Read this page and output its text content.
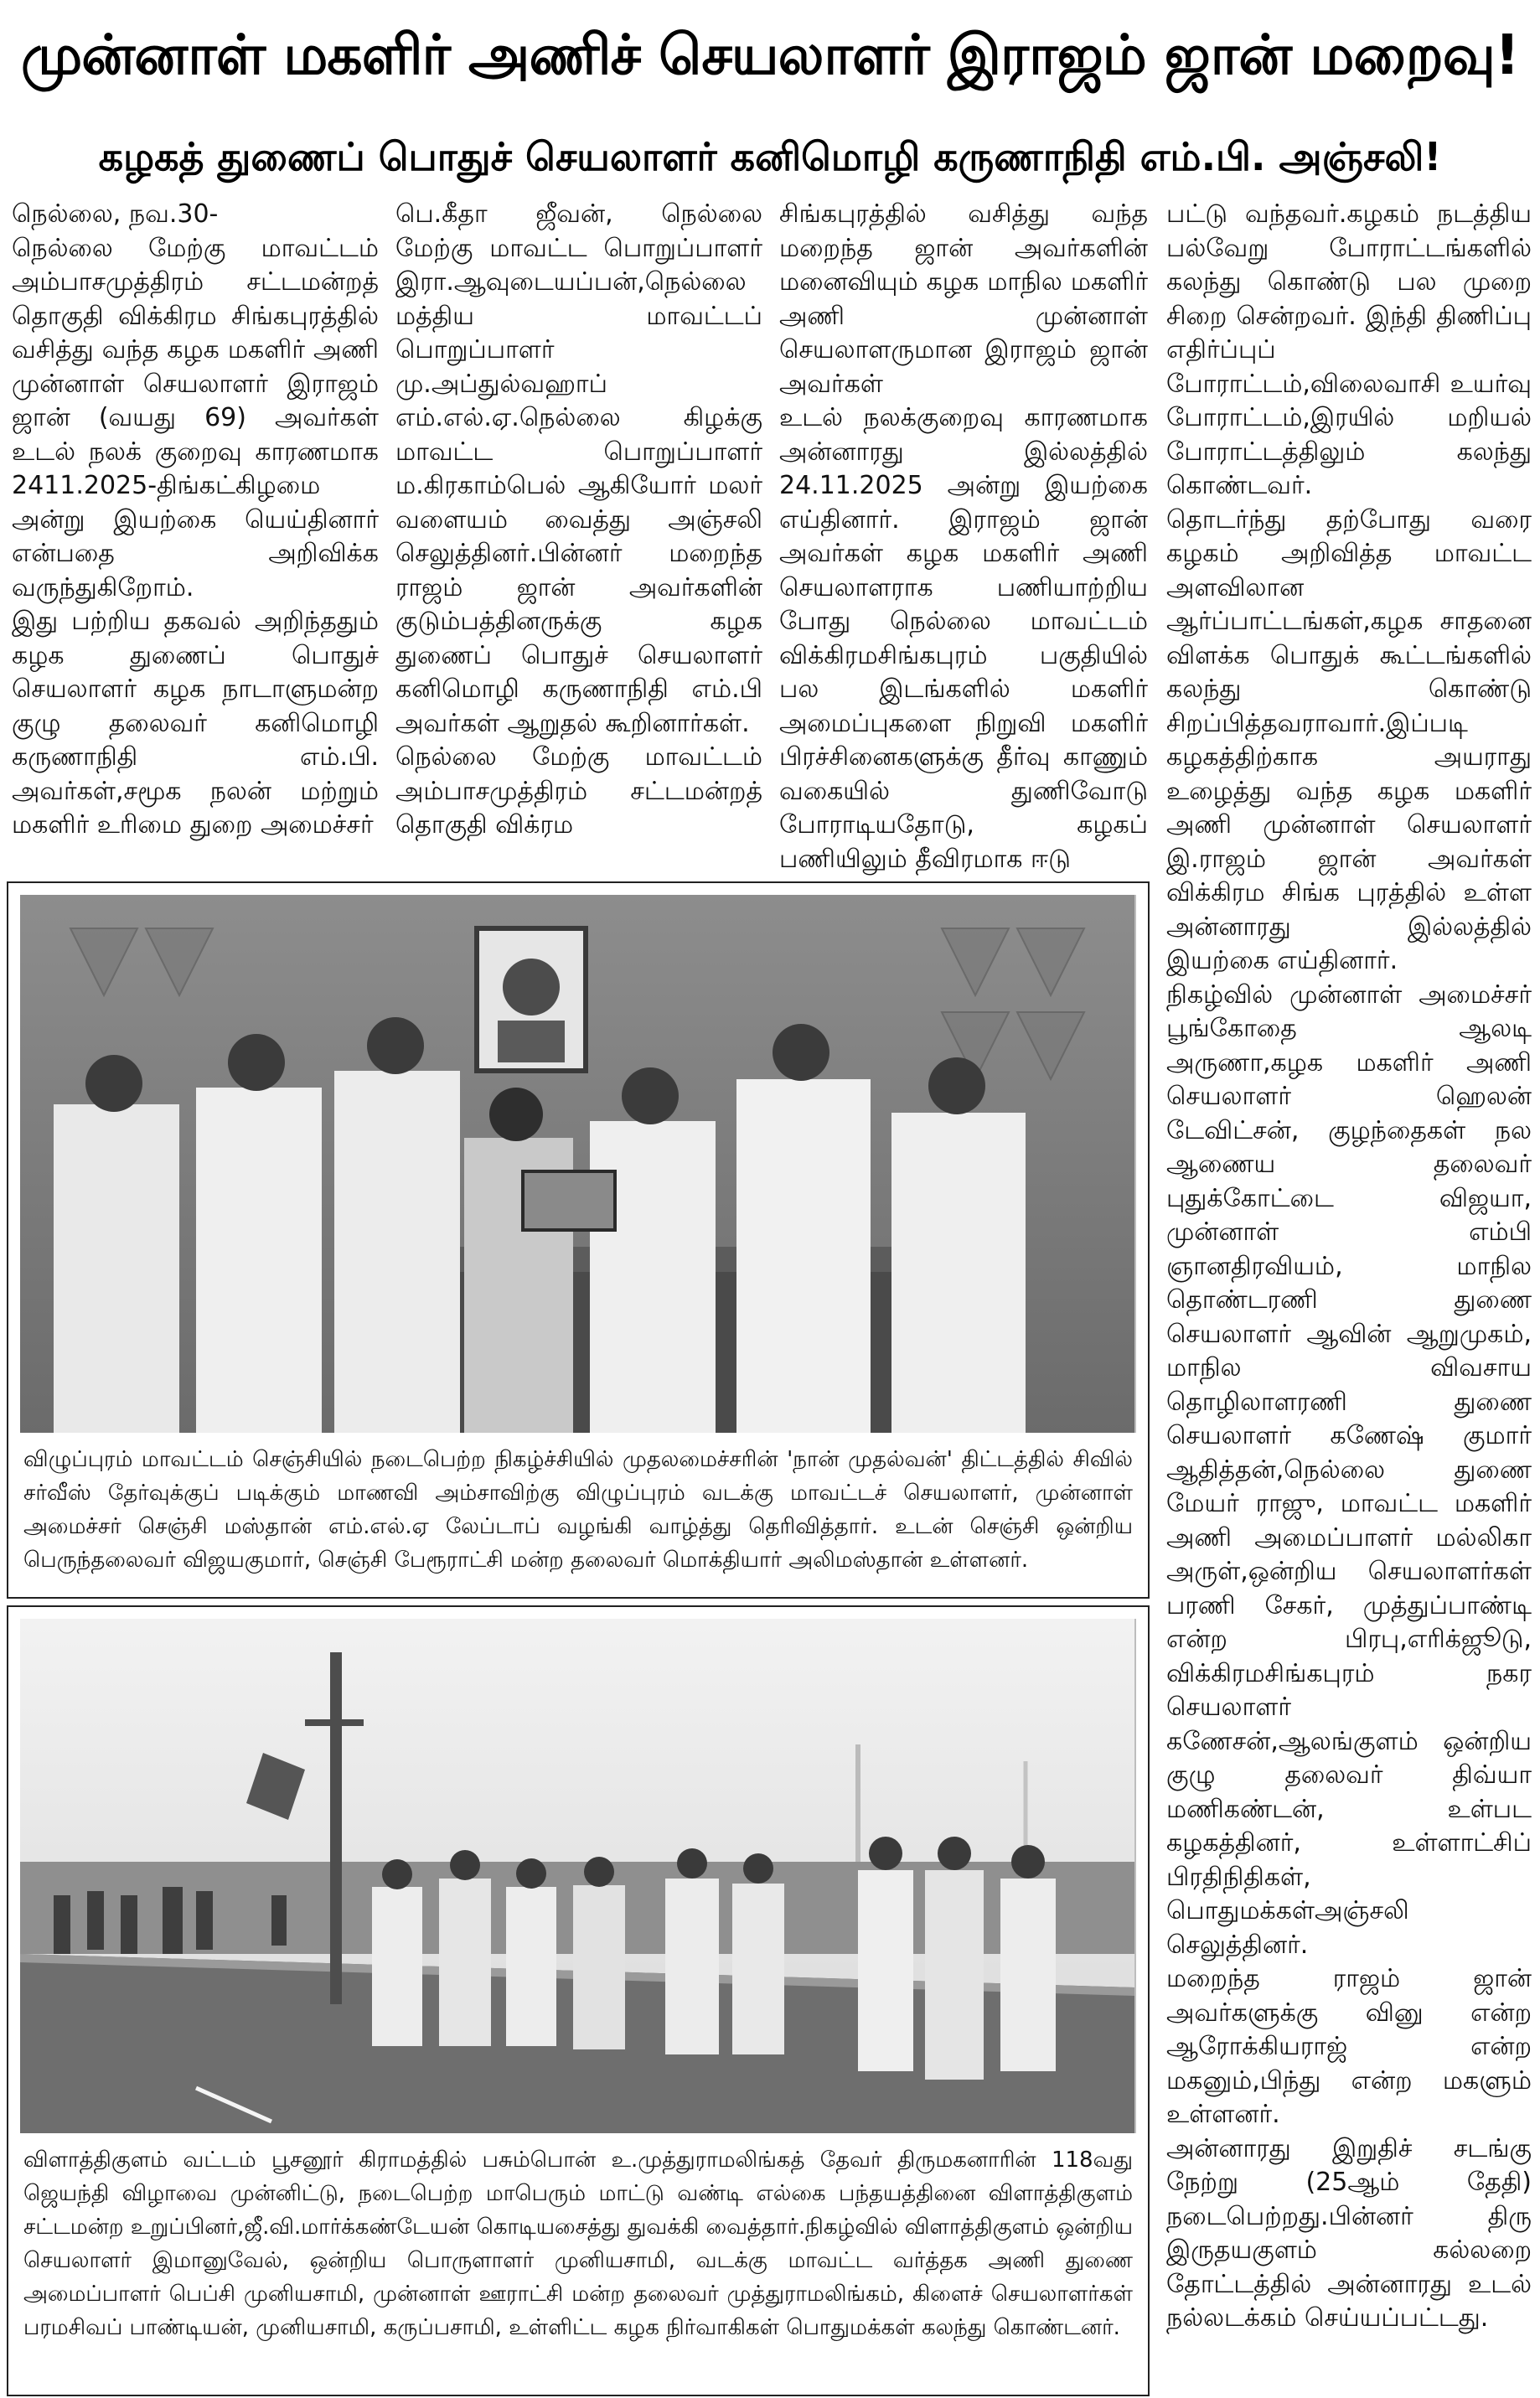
முன்னாள் மகளிர் அணிச் செயலாளர் இராஜம் ஜான் மறைவு!
கழகத் துணைப் பொதுச் செயலாளர் கனிமொழி கருணாநிதி எம்.பி. அஞ்சலி!
நெல்லை, நவ.30-
நெல்லை மேற்கு மாவட்டம் அம்பாசமுத்திரம் சட்டமன்றத் தொகுதி விக்கிரம சிங்கபுரத்தில் வசித்து வந்த கழக மகளிர் அணி முன்னாள் செயலாளர் இராஜம் ஜான் (வயது 69) அவர்கள் உடல் நலக் குறைவு காரணமாக 2411.2025-திங்கட்கிழமை அன்று இயற்கை யெய்தினார் என்பதை அறிவிக்க வருந்துகிறோம்.
இது பற்றிய தகவல் அறிந்ததும் கழக துணைப் பொதுச் செயலாளர் கழக நாடாளுமன்ற குழு தலைவர் கனிமொழி கருணாநிதி எம்.பி. அவர்கள்,சமூக நலன் மற்றும் மகளிர் உரிமை துறை அமைச்சர்
பெ.கீதா ஜீவன், நெல்லை மேற்கு மாவட்ட பொறுப்பாளர் இரா.ஆவுடையப்பன்,நெல்லை மத்திய மாவட்டப் பொறுப்பாளர் மு.அப்துல்வஹாப் எம்.எல்.ஏ.நெல்லை கிழக்கு மாவட்ட பொறுப்பாளர் ம.கிரகாம்பெல் ஆகியோர் மலர் வளையம் வைத்து அஞ்சலி செலுத்தினர்.பின்னர் மறைந்த ராஜம் ஜான் அவர்களின் குடும்பத்தினருக்கு கழக துணைப் பொதுச் செயலாளர் கனிமொழி கருணாநிதி எம்.பி அவர்கள் ஆறுதல் கூறினார்கள்.
நெல்லை மேற்கு மாவட்டம் அம்பாசமுத்திரம் சட்டமன்றத் தொகுதி விக்ரம
சிங்கபுரத்தில் வசித்து வந்த மறைந்த ஜான் அவர்களின் மனைவியும் கழக மாநில மகளிர் அணி முன்னாள் செயலாளருமான இராஜம் ஜான் அவர்கள்
உடல் நலக்குறைவு காரணமாக அன்னாரது இல்லத்தில் 24.11.2025 அன்று இயற்கை எய்தினார். இராஜம் ஜான் அவர்கள் கழக மகளிர் அணி செயலாளராக பணியாற்றிய போது நெல்லை மாவட்டம் விக்கிரமசிங்கபுரம் பகுதியில் பல இடங்களில் மகளிர் அமைப்புகளை நிறுவி மகளிர் பிரச்சினைகளுக்கு தீர்வு காணும் வகையில் துணிவோடு போராடியதோடு, கழகப் பணியிலும் தீவிரமாக ஈடு
பட்டு வந்தவர்.கழகம் நடத்திய பல்வேறு போராட்டங்களில் கலந்து கொண்டு பல முறை சிறை சென்றவர். இந்தி திணிப்பு எதிர்ப்புப் போராட்டம்,விலைவாசி உயர்வு போராட்டம்,இரயில் மறியல் போராட்டத்திலும் கலந்து கொண்டவர்.
தொடர்ந்து தற்போது வரை கழகம் அறிவித்த மாவட்ட அளவிலான ஆர்ப்பாட்டங்கள்,கழக சாதனை விளக்க பொதுக் கூட்டங்களில் கலந்து கொண்டு சிறப்பித்தவராவார்.இப்படி கழகத்திற்காக அயராது உழைத்து வந்த கழக மகளிர் அணி முன்னாள் செயலாளர் இ.ராஜம் ஜான் அவர்கள் விக்கிரம சிங்க புரத்தில் உள்ள அன்னாரது இல்லத்தில் இயற்கை எய்தினார்.
நிகழ்வில் முன்னாள் அமைச்சர் பூங்கோதை ஆலடி அருணா,கழக மகளிர் அணி செயலாளர் ஹெலன் டேவிட்சன், குழந்தைகள் நல ஆணைய தலைவர் புதுக்கோட்டை விஜயா, முன்னாள் எம்பி ஞானதிரவியம், மாநில தொண்டரணி துணை செயலாளர் ஆவின் ஆறுமுகம், மாநில விவசாய தொழிலாளரணி துணை செயலாளர் கணேஷ் குமார் ஆதித்தன்,நெல்லை துணை மேயர் ராஜு, மாவட்ட மகளிர் அணி அமைப்பாளர் மல்லிகா அருள்,ஒன்றிய செயலாளர்கள் பரணி சேகர், முத்துப்பாண்டி என்ற பிரபு,எரிக்ஜூடு, விக்கிரமசிங்கபுரம் நகர செயலாளர் கணேசன்,ஆலங்குளம் ஒன்றிய குழு தலைவர் திவ்யா மணிகண்டன், உள்பட கழகத்தினர், உள்ளாட்சிப் பிரதிநிதிகள், பொதுமக்கள்அஞ்சலி செலுத்தினர்.
மறைந்த ராஜம் ஜான் அவர்களுக்கு வினு என்ற ஆரோக்கியராஜ் என்ற மகனும்,பிந்து என்ற மகளும் உள்ளனர்.
அன்னாரது இறுதிச் சடங்கு நேற்று (25ஆம் தேதி) நடைபெற்றது.பின்னர் திரு இருதயகுளம் கல்லறை தோட்டத்தில் அன்னாரது உடல் நல்லடக்கம் செய்யப்பட்டது.
விழுப்புரம் மாவட்டம் செஞ்சியில் நடைபெற்ற நிகழ்ச்சியில் முதலமைச்சரின் 'நான் முதல்வன்' திட்டத்தில் சிவில் சர்வீஸ் தேர்வுக்குப் படிக்கும் மாணவி அம்சாவிற்கு விழுப்புரம் வடக்கு மாவட்டச் செயலாளர், முன்னாள் அமைச்சர் செஞ்சி மஸ்தான் எம்.எல்.ஏ லேப்டாப் வழங்கி வாழ்த்து தெரிவித்தார். உடன் செஞ்சி ஒன்றிய பெருந்தலைவர் விஜயகுமார், செஞ்சி பேரூராட்சி மன்ற தலைவர் மொக்தியார் அலிமஸ்தான் உள்ளனர்.
விளாத்திகுளம் வட்டம் பூசனூர் கிராமத்தில் பசும்பொன் உ.முத்துராமலிங்கத் தேவர் திருமகனாரின் 118வது ஜெயந்தி விழாவை முன்னிட்டு, நடைபெற்ற மாபெரும் மாட்டு வண்டி எல்கை பந்தயத்தினை விளாத்திகுளம் சட்டமன்ற உறுப்பினர்,ஜீ.வி.மார்க்கண்டேயன் கொடியசைத்து துவக்கி வைத்தார்.நிகழ்வில் விளாத்திகுளம் ஒன்றிய செயலாளர் இமானுவேல், ஒன்றிய பொருளாளர் முனியசாமி, வடக்கு மாவட்ட வர்த்தக அணி துணை அமைப்பாளர் பெப்சி முனியசாமி, முன்னாள் ஊராட்சி மன்ற தலைவர் முத்துராமலிங்கம், கிளைச் செயலாளர்கள் பரமசிவப் பாண்டியன், முனியசாமி, கருப்பசாமி, உள்ளிட்ட கழக நிர்வாகிகள் பொதுமக்கள் கலந்து கொண்டனர்.
